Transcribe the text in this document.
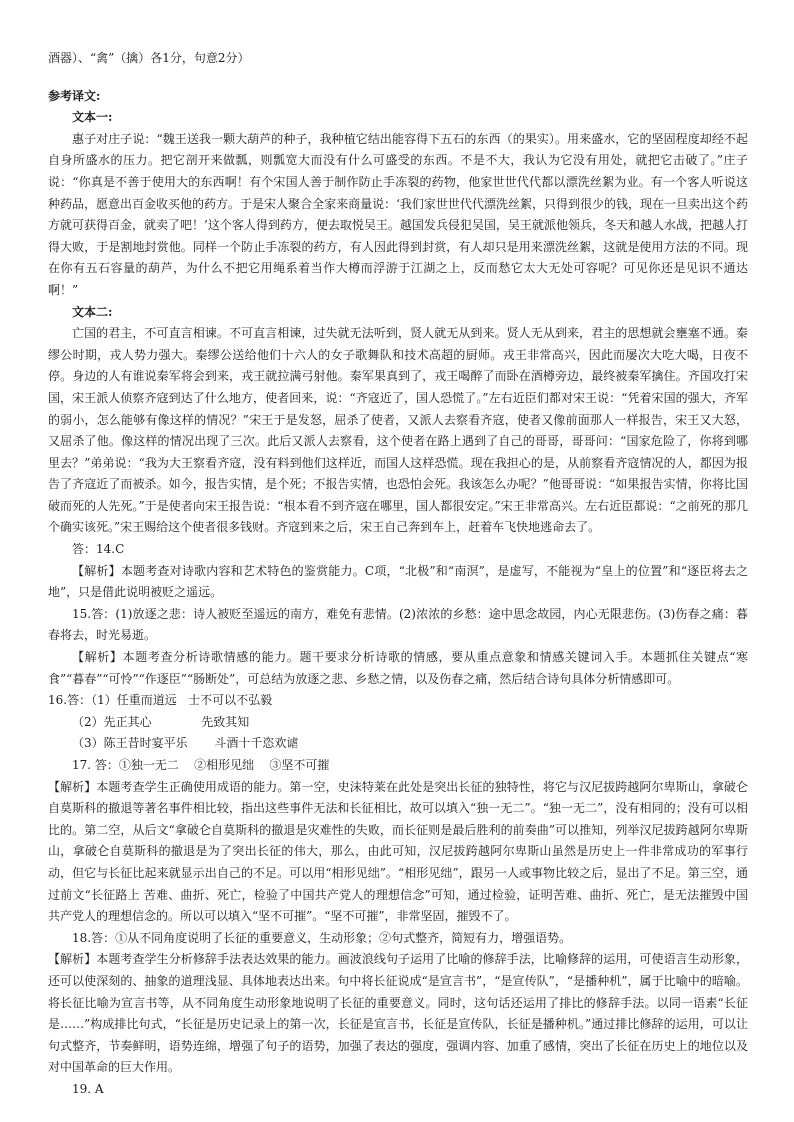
酒器）、“禽”（擒）各1分，句意2分）

参考译文:

文本一:

惠子对庄子说：“魏王送我一颗大葫芦的种子，我种植它结出能容得下五石的东西（的果实）。用来盛水，它的坚固程度却经不起自身所盛水的压力。把它剖开来做瓢，则瓢宽大而没有什么可盛受的东西。不是不大，我认为它没有用处，就把它击破了。”庄子说：“你真是不善于使用大的东西啊！有个宋国人善于制作防止手冻裂的药物，他家世世代代都以漂洗丝絮为业。有一个客人听说这种药品，愿意出百金收买他的药方。于是宋人聚合全家来商量说：‘我们家世世代代漂洗丝絮，只得到很少的钱，现在一旦卖出这个药方就可获得百金，就卖了吧！’这个客人得到药方，便去取悦吴王。越国发兵侵犯吴国，吴王就派他领兵，冬天和越人水战，把越人打得大败，于是割地封赏他。同样一个防止手冻裂的药方，有人因此得到封赏，有人却只是用来漂洗丝絮，这就是使用方法的不同。现在你有五石容量的葫芦，为什么不把它用绳系着当作大樽而浮游于江湖之上，反而愁它太大无处可容呢？可见你还是见识不通达啊！”

文本二:

亡国的君主，不可直言相谏。不可直言相谏，过失就无法听到，贤人就无从到来。贤人无从到来，君主的思想就会壅塞不通。秦缪公时期，戎人势力强大。秦缪公送给他们十六人的女子歌舞队和技术高超的厨师。戎王非常高兴，因此而屡次大吃大喝，日夜不停。身边的人有谁说秦军将会到来，戎王就拉满弓射他。秦军果真到了，戎王喝醉了而卧在酒樽旁边，最终被秦军擒住。齐国攻打宋国，宋王派人侦察齐寇到达了什么地方，使者回来，说：“齐寇近了，国人恐慌了。”左右近臣们都对宋王说：“凭着宋国的强大，齐军的弱小，怎么能够有像这样的情况？”宋王于是发怒，屈杀了使者，又派人去察看齐寇，使者又像前面那人一样报告，宋王又大怒，又屈杀了他。像这样的情况出现了三次。此后又派人去察看，这个使者在路上遇到了自己的哥哥，哥哥问：“国家危险了，你将到哪里去？”弟弟说：“我为大王察看齐寇，没有料到他们这样近，而国人这样恐慌。现在我担心的是，从前察看齐寇情况的人，都因为报告了齐寇近了而被杀。如今，报告实情，是个死；不报告实情，也恐怕会死。我该怎么办呢？”他哥哥说：“如果报告实情，你将比国破而死的人先死。”于是使者向宋王报告说：“根本看不到齐寇在哪里，国人都很安定。”宋王非常高兴。左右近臣都说：“之前死的那几个确实该死。”宋王赐给这个使者很多钱财。齐寇到来之后，宋王自己奔到车上，赶着车飞快地逃命去了。

答：14.C

【解析】本题考查对诗歌内容和艺术特色的鉴赏能力。C项，“北极”和“南溟”，是虚写，不能视为“皇上的位置”和“逐臣将去之地”，只是借此说明被贬之遥远。

15.答：(1)放逐之悲：诗人被贬至遥远的南方，难免有悲情。(2)浓浓的乡愁：途中思念故园，内心无限悲伤。(3)伤春之痛：暮春将去，时光易逝。

【解析】本题考查分析诗歌情感的能力。题干要求分析诗歌的情感，要从重点意象和情感关键词入手。本题抓住关键点“寒食”“暮春”“可怜”“作逐臣”“肠断处”，可总结为放逐之悲、乡愁之情，以及伤春之痛，然后结合诗句具体分析情感即可。

16.答：（1）任重而道远   士不可以不弘毅

（2）先正其心             先致其知

（3）陈王昔时宴平乐       斗酒十千恣欢谑

17. 答：①独一无二    ②相形见绌    ③坚不可摧

【解析】本题考查学生正确使用成语的能力。第一空，史沫特莱在此处是突出长征的独特性，将它与汉尼拔跨越阿尔卑斯山，拿破仑自莫斯科的撤退等著名事件相比较，指出这些事件无法和长征相比，故可以填入“独一无二”。“独一无二”，没有相同的；没有可以相比的。第二空，从后文“拿破仑自莫斯科的撤退是灾难性的失败，而长征则是最后胜利的前奏曲”可以推知，列举汉尼拔跨越阿尔卑斯山，拿破仑自莫斯科的撤退是为了突出长征的伟大，那么，由此可知，汉尼拔跨越阿尔卑斯山虽然是历史上一件非常成功的军事行动，但它与长征比起来就显示出自己的不足。可以用“相形见绌”。“相形见绌”，跟另一人或事物比较之后，显出了不足。第三空，通过前文“长征路上 苦难、曲折、死亡，检验了中国共产党人的理想信念”可知，通过检验，证明苦难、曲折、死亡，是无法摧毁中国共产党人的理想信念的。所以可以填入“坚不可摧”。“坚不可摧”，非常坚固，摧毁不了。

18.答：①从不同角度说明了长征的重要意义，生动形象；②句式整齐，简短有力，增强语势。

【解析】本题考查学生分析修辞手法表达效果的能力。画波浪线句子运用了比喻的修辞手法，比喻修辞的运用，可使语言生动形象，还可以使深刻的、抽象的道理浅显、具体地表达出来。句中将长征说成“是宣言书”，“是宣传队”，“是播种机”，属于比喻中的暗喻。将长征比喻为宣言书等，从不同角度生动形象地说明了长征的重要意义。同时，这句话还运用了排比的修辞手法。以同一语素“长征是……”构成排比句式，“长征是历史记录上的第一次，长征是宣言书，长征是宣传队，长征是播种机。”通过排比修辞的运用，可以让句式整齐，节奏鲜明，语势连绵，增强了句子的语势，加强了表达的强度，强调内容、加重了感情，突出了长征在历史上的地位以及对中国革命的巨大作用。

19. A
